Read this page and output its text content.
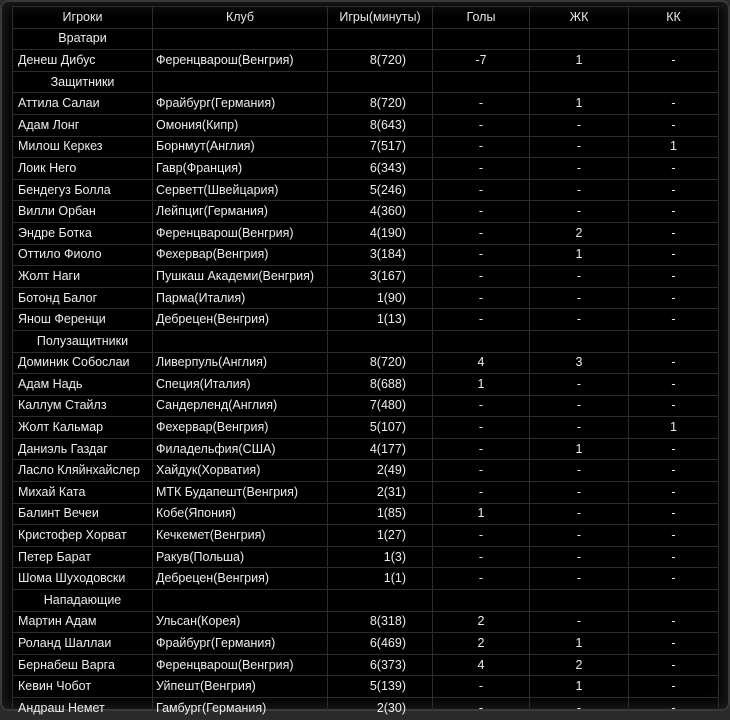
Игроки	Клуб	Игры(минуты)	Голы	ЖК	КК
Вратари					
Денеш Дибус	Ференцварош(Венгрия)	8(720)	-7	1	-
Защитники					
Аттила Салаи	Фрайбург(Германия)	8(720)	-	1	-
Адам Лонг	Омония(Кипр)	8(643)	-	-	-
Милош Керкез	Борнмут(Англия)	7(517)	-	-	1
Лоик Него	Гавр(Франция)	6(343)	-	-	-
Бендегуз Болла	Серветт(Швейцария)	5(246)	-	-	-
Вилли Орбан	Лейпциг(Германия)	4(360)	-	-	-
Эндре Ботка	Ференцварош(Венгрия)	4(190)	-	2	-
Оттило Фиоло	Фехервар(Венгрия)	3(184)	-	1	-
Жолт Наги	Пушкаш Академи(Венгрия)	3(167)	-	-	-
Ботонд Балог	Парма(Италия)	1(90)	-	-	-
Янош Ференци	Дебрецен(Венгрия)	1(13)	-	-	-
Полузащитники					
Доминик Собослаи	Ливерпуль(Англия)	8(720)	4	3	-
Адам Надь	Специя(Италия)	8(688)	1	-	-
Каллум Стайлз	Сандерленд(Англия)	7(480)	-	-	-
Жолт Кальмар	Фехервар(Венгрия)	5(107)	-	-	1
Даниэль Газдаг	Филадельфия(США)	4(177)	-	1	-
Ласло Кляйнхайслер	Хайдук(Хорватия)	2(49)	-	-	-
Михай Ката	МТК Будапешт(Венгрия)	2(31)	-	-	-
Балинт Вечеи	Кобе(Япония)	1(85)	1	-	-
Кристофер Хорват	Кечкемет(Венгрия)	1(27)	-	-	-
Петер Барат	Ракув(Польша)	1(3)	-	-	-
Шома Шуходовски	Дебрецен(Венгрия)	1(1)	-	-	-
Нападающие					
Мартин Адам	Ульсан(Корея)	8(318)	2	-	-
Роланд Шаллаи	Фрайбург(Германия)	6(469)	2	1	-
Бернабеш Варга	Ференцварош(Венгрия)	6(373)	4	2	-
Кевин Чобот	Уйпешт(Венгрия)	5(139)	-	1	-
Андраш Немет	Гамбург(Германия)	2(30)	-	-	-
